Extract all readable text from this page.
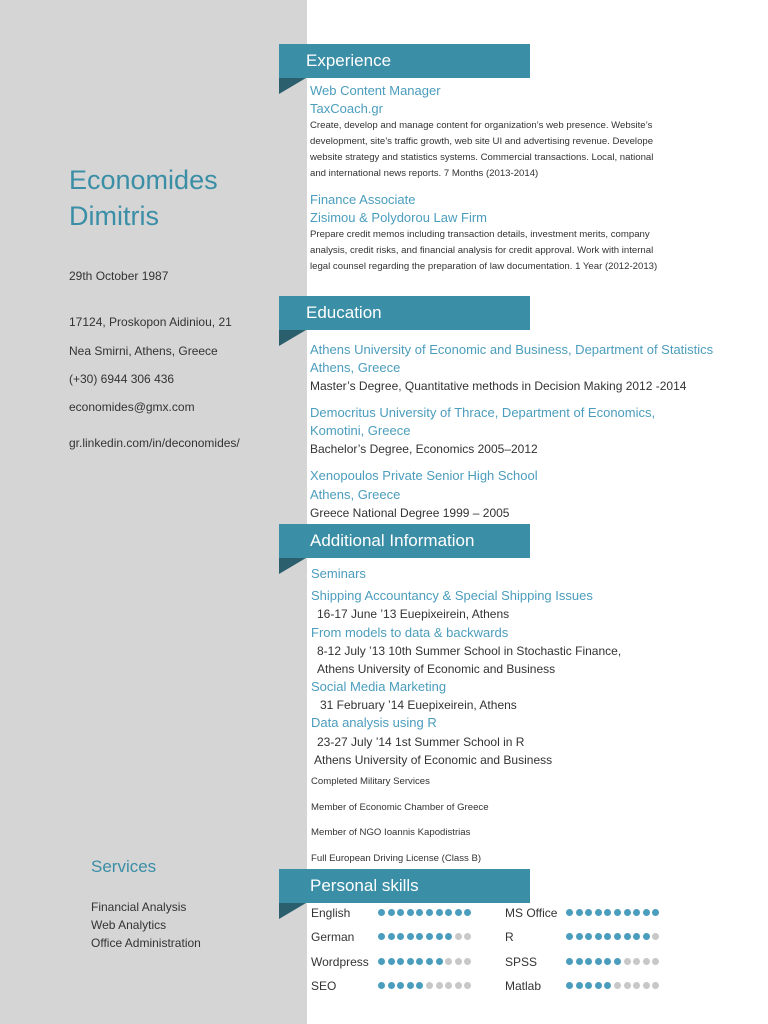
Economides
Dimitris
29th October 1987
17124, Proskopon Aidiniou, 21
Nea Smirni, Athens, Greece
(+30) 6944 306 436
economides@gmx.com
gr.linkedin.com/in/deconomides/
Services
Financial Analysis
Web Analytics
Office Administration
Experience
Web Content Manager
TaxCoach.gr
Create, develop and manage content for organization’s web presence. Website’s
development, site’s traffic growth, web site UI and advertising revenue. Develope
website strategy and statistics systems. Commercial transactions. Local, national
and international news reports. 7 Months (2013-2014)
Finance Associate
Zisimou & Polydorou Law Firm
Prepare credit memos including transaction details, investment merits, company
analysis, credit risks, and financial analysis for credit approval. Work with internal
legal counsel regarding the preparation of law documentation. 1 Year (2012-2013)
Education
Athens University of Economic and Business, Department of Statistics
Athens, Greece
Master’s Degree, Quantitative methods in Decision Making 2012 -2014
Democritus University of Thrace, Department of Economics,
Komotini, Greece
Bachelor’s Degree, Economics 2005–2012
Xenopoulos Private Senior High School
Athens, Greece
Greece National Degree 1999 – 2005
Additional Information
Seminars
Shipping Accountancy & Special Shipping Issues
16-17 June ’13 Euepixeirein, Athens
From models to data & backwards
8-12 July ’13 10th Summer School in Stochastic Finance,
Athens University of Economic and Business
Social Media Marketing
31 February ’14 Euepixeirein, Athens
Data analysis using R
23-27 July ’14 1st Summer School in R
Athens University of Economic and Business
Completed Military Services
Member of Economic Chamber of Greece
Member of NGO Ioannis Kapodistrias
Full European Driving License (Class B)
Personal skills
English
German
Wordpress
SEO
MS Office
R
SPSS
Matlab
